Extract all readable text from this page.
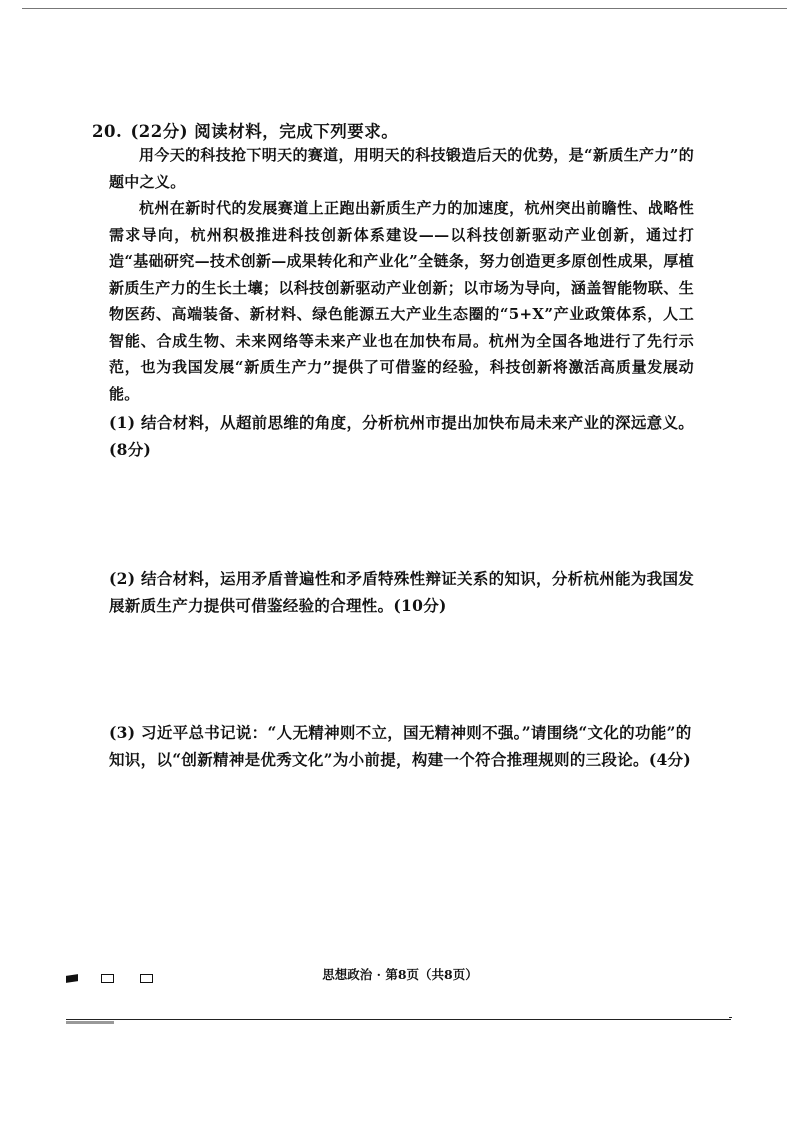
20. (22分) 阅读材料，完成下列要求。

用今天的科技抢下明天的赛道，用明天的科技锻造后天的优势，是“新质生产力”的题中之义。

杭州在新时代的发展赛道上正跑出新质生产力的加速度，杭州突出前瞻性、战略性需求导向，杭州积极推进科技创新体系建设——以科技创新驱动产业创新，通过打造“基础研究—技术创新—成果转化和产业化”全链条，努力创造更多原创性成果，厚植新质生产力的生长土壤；以科技创新驱动产业创新；以市场为导向，涵盖智能物联、生物医药、高端装备、新材料、绿色能源五大产业生态圈的“5+X”产业政策体系，人工智能、合成生物、未来网络等未来产业也在加快布局。杭州为全国各地进行了先行示范，也为我国发展“新质生产力”提供了可借鉴的经验，科技创新将激活高质量发展动能。

(1) 结合材料，从超前思维的角度，分析杭州市提出加快布局未来产业的深远意义。(8分)
(2) 结合材料，运用矛盾普遍性和矛盾特殊性辩证关系的知识，分析杭州能为我国发展新质生产力提供可借鉴经验的合理性。(10分)
(3) 习近平总书记说：“人无精神则不立，国无精神则不强。”请围绕“文化的功能”的知识，以“创新精神是优秀文化”为小前提，构建一个符合推理规则的三段论。(4分)

思想政治 · 第8页（共8页）
